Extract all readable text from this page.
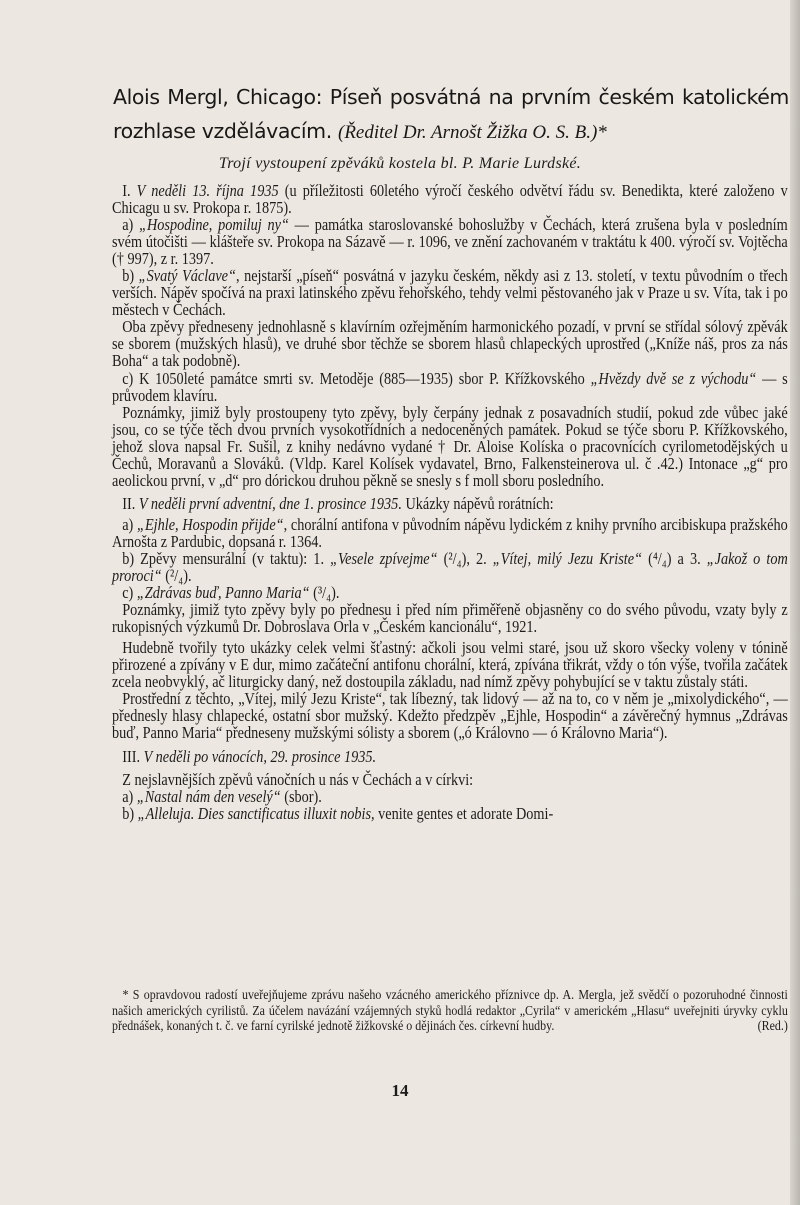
Alois Mergl, Chicago: Píseň posvátná na prvním českém katolickém rozhlase vzdělávacím. (Ředitel Dr. Arnošt Žižka O. S. B.)*
Trojí vystoupení zpěváků kostela bl. P. Marie Lurdské.

I. V neděli 13. října 1935 (u příležitosti 60letého výročí českého odvětví řádu sv. Benedikta, které založeno v Chicagu u sv. Prokopa r. 1875).

a) „Hospodine, pomiluj ny“ — památka staroslovanské bohoslužby v Čechách, která zrušena byla v posledním svém útočišti — klášteře sv. Prokopa na Sázavě — r. 1096, ve znění zachovaném v traktátu k 400. výročí sv. Vojtěcha († 997), z r. 1397.

b) „Svatý Václave“, nejstarší „píseň“ posvátná v jazyku českém, někdy asi z 13. století, v textu původním o třech verších. Nápěv spočívá na praxi latinského zpěvu řehořského, tehdy velmi pěstovaného jak v Praze u sv. Víta, tak i po městech v Čechách.

Oba zpěvy předneseny jednohlasně s klavírním ozřejměním harmonického pozadí, v první se střídal sólový zpěvák se sborem (mužských hlasů), ve druhé sbor těchže se sborem hlasů chlapeckých uprostřed („Kníže náš, pros za nás Boha“ a tak podobně).

c) K 1050leté památce smrti sv. Metoděje (885—1935) sbor P. Křížkovského „Hvězdy dvě se z východu“ — s průvodem klavíru.

Poznámky, jimiž byly prostoupeny tyto zpěvy, byly čerpány jednak z posavadních studií, pokud zde vůbec jaké jsou, co se týče těch dvou prvních vysokotřídních a nedoceněných památek. Pokud se týče sboru P. Křížkovského, jehož slova napsal Fr. Sušil, z knihy nedávno vydané † Dr. Aloise Kolíska o pracovnících cyrilometodějských u Čechů, Moravanů a Slováků. (Vldp. Karel Kolísek vydavatel, Brno, Falkensteinerova ul. č .42.) Intonace „g“ pro aeolickou první, v „d“ pro dórickou druhou pěkně se snesly s f moll sboru posledního.

II. V neděli první adventní, dne 1. prosince 1935. Ukázky nápěvů rorátních:

a) „Ejhle, Hospodin přijde“, chorální antifona v původním nápěvu lydickém z knihy prvního arcibiskupa pražského Arnošta z Pardubic, dopsaná r. 1364.

b) Zpěvy mensurální (v taktu): 1. „Vesele zpívejme“ (²/₄), 2. „Vítej, milý Jezu Kriste“ (⁴/₄) a 3. „Jakož o tom proroci“ (²/₄).

c) „Zdrávas buď, Panno Maria“ (³/₄).

Poznámky, jimiž tyto zpěvy byly po přednesu i před ním přiměřeně objasněny co do svého původu, vzaty byly z rukopisných výzkumů Dr. Dobroslava Orla v „Českém kancionálu“, 1921.

Hudebně tvořily tyto ukázky celek velmi šťastný: ačkoli jsou velmi staré, jsou už skoro všecky voleny v tónině přirozené a zpívány v E dur, mimo začáteční antifonu chorální, která, zpívána třikrát, vždy o tón výše, tvořila začátek zcela neobvyklý, ač liturgicky daný, než dostoupila základu, nad nímž zpěvy pohybující se v taktu zůstaly státi.

Prostřední z těchto, „Vítej, milý Jezu Kriste“, tak líbezný, tak lidový — až na to, co v něm je „mixolydického“, — přednesly hlasy chlapecké, ostatní sbor mužský. Kdežto předzpěv „Ejhle, Hospodin“ a závěrečný hymnus „Zdrávas buď, Panno Maria“ předneseny mužskými sólisty a sborem („ó Královno — ó Královno Maria“).

III. V neděli po vánocích, 29. prosince 1935.

Z nejslavnějších zpěvů vánočních u nás v Čechách a v církvi:

a) „Nastal nám den veselý“ (sbor).

b) „Alleluja. Dies sanctificatus illuxit nobis, venite gentes et adorate Domi-

* S opravdovou radostí uveřejňujeme zprávu našeho vzácného amerického příznivce dp. A. Mergla, jež svědčí o pozoruhodné činnosti našich amerických cyrilistů. Za účelem navázání vzájemných styků hodlá redaktor „Cyrila“ v americkém „Hlasu“ uveřejniti úryvky cyklu přednášek, konaných t. č. ve farní cyrilské jednotě žižkovské o dějinách čes. církevní hudby.	(Red.)

14
